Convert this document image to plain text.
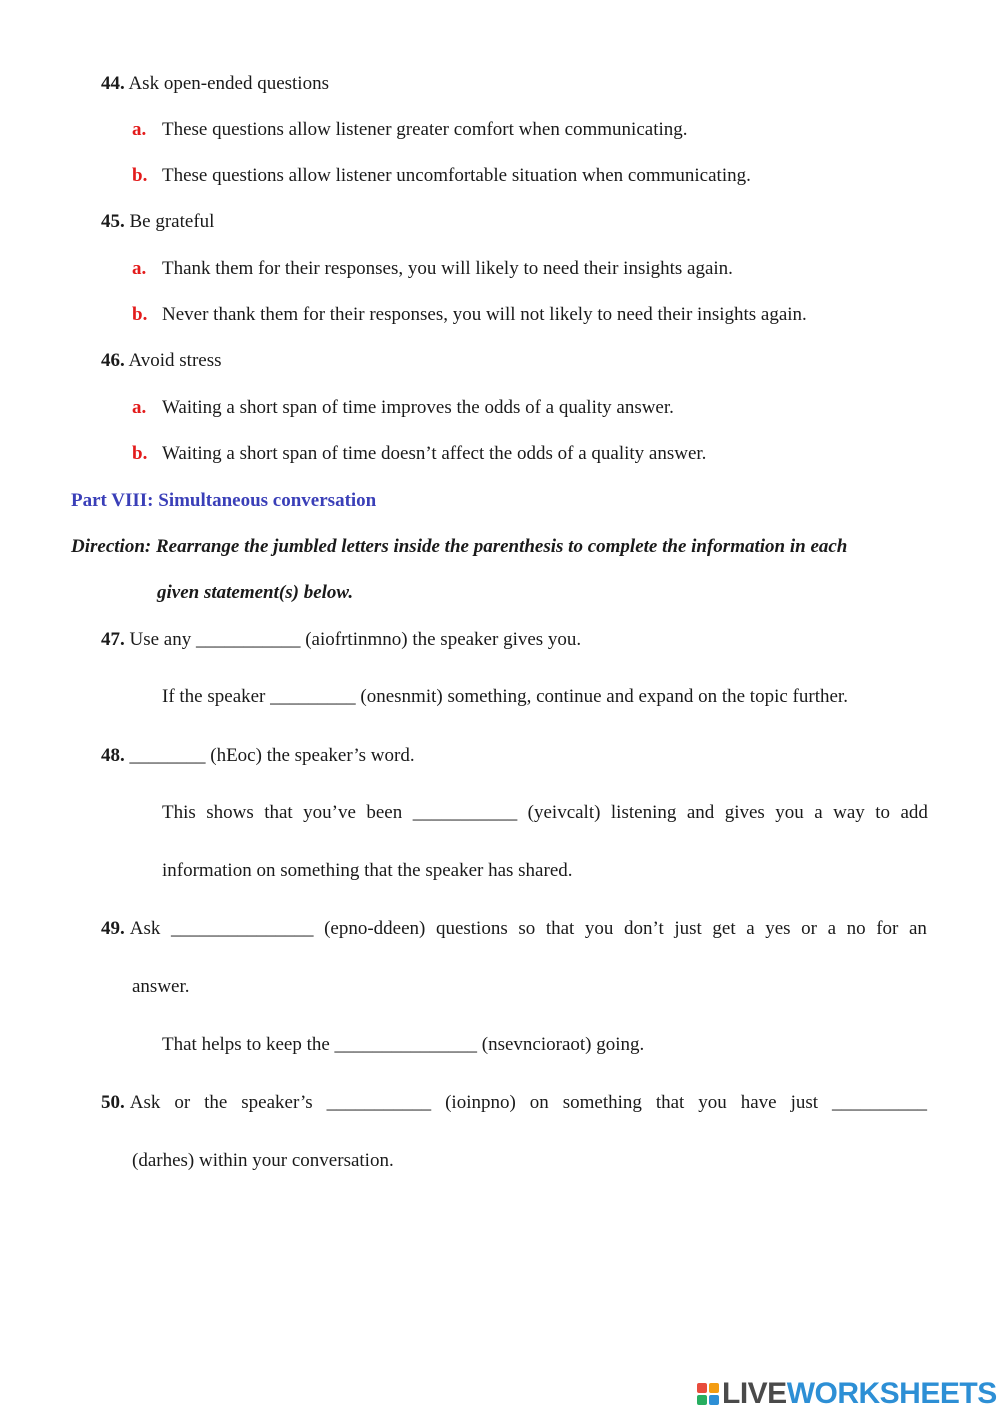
44. Ask open-ended questions
a. These questions allow listener greater comfort when communicating.
b. These questions allow listener uncomfortable situation when communicating.
45. Be grateful
a. Thank them for their responses, you will likely to need their insights again.
b. Never thank them for their responses, you will not likely to need their insights again.
46. Avoid stress
a. Waiting a short span of time improves the odds of a quality answer.
b. Waiting a short span of time doesn’t affect the odds of a quality answer.
Part VIII: Simultaneous conversation
Direction: Rearrange the jumbled letters inside the parenthesis to complete the information in each
given statement(s) below.
47. Use any ___________ (aiofrtinmno) the speaker gives you.
If the speaker _________ (onesnmit) something, continue and expand on the topic further.
48. ________ (hEoc) the speaker’s word.
This shows that you’ve been ___________ (yeivcalt) listening and gives you a way to add
information on something that the speaker has shared.
49. Ask _______________ (epno-ddeen) questions so that you don’t just get a yes or a no for an
answer.
That helps to keep the _______________ (nsevncioraot) going.
50. Ask or the speaker’s ___________ (ioinpno) on something that you have just __________
(darhes) within your conversation.
LIVEWORKSHEETS
